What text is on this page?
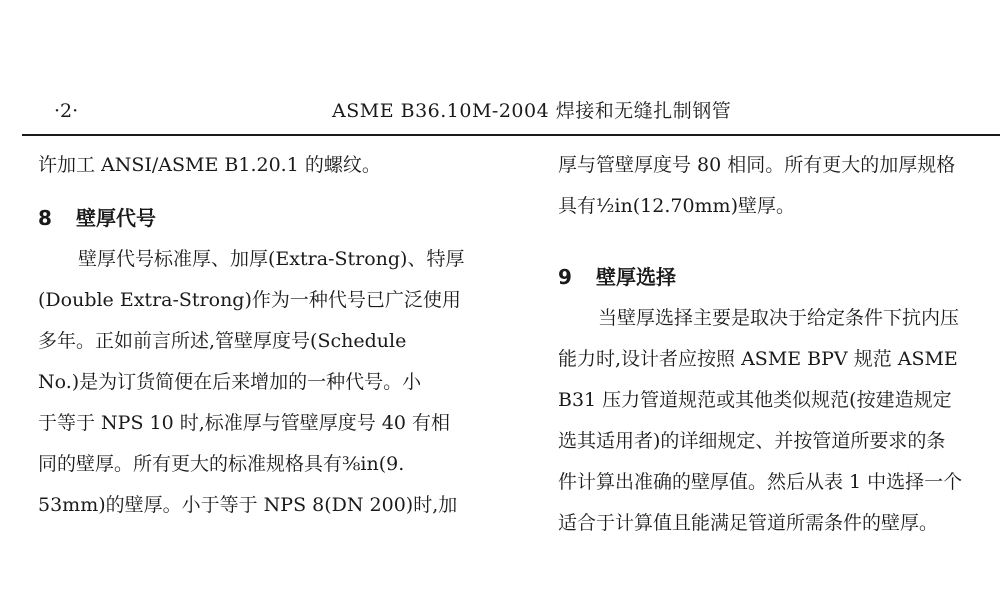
·2·	ASME B36.10M-2004 焊接和无缝扎制钢管
许加工 ANSI/ASME B1.20.1 的螺纹。
8 壁厚代号
壁厚代号标准厚、加厚(Extra-Strong)、特厚
(Double Extra-Strong)作为一种代号已广泛使用
多年。正如前言所述,管壁厚度号(Schedule
No.)是为订货简便在后来增加的一种代号。小
于等于 NPS 10 时,标准厚与管壁厚度号 40 有相
同的壁厚。所有更大的标准规格具有⅜in(9.
53mm)的壁厚。小于等于 NPS 8(DN 200)时,加
厚与管壁厚度号 80 相同。所有更大的加厚规格
具有½in(12.70mm)壁厚。
9 壁厚选择
当壁厚选择主要是取决于给定条件下抗内压
能力时,设计者应按照 ASME BPV 规范 ASME
B31 压力管道规范或其他类似规范(按建造规定
选其适用者)的详细规定、并按管道所要求的条
件计算出准确的壁厚值。然后从表 1 中选择一个
适合于计算值且能满足管道所需条件的壁厚。
